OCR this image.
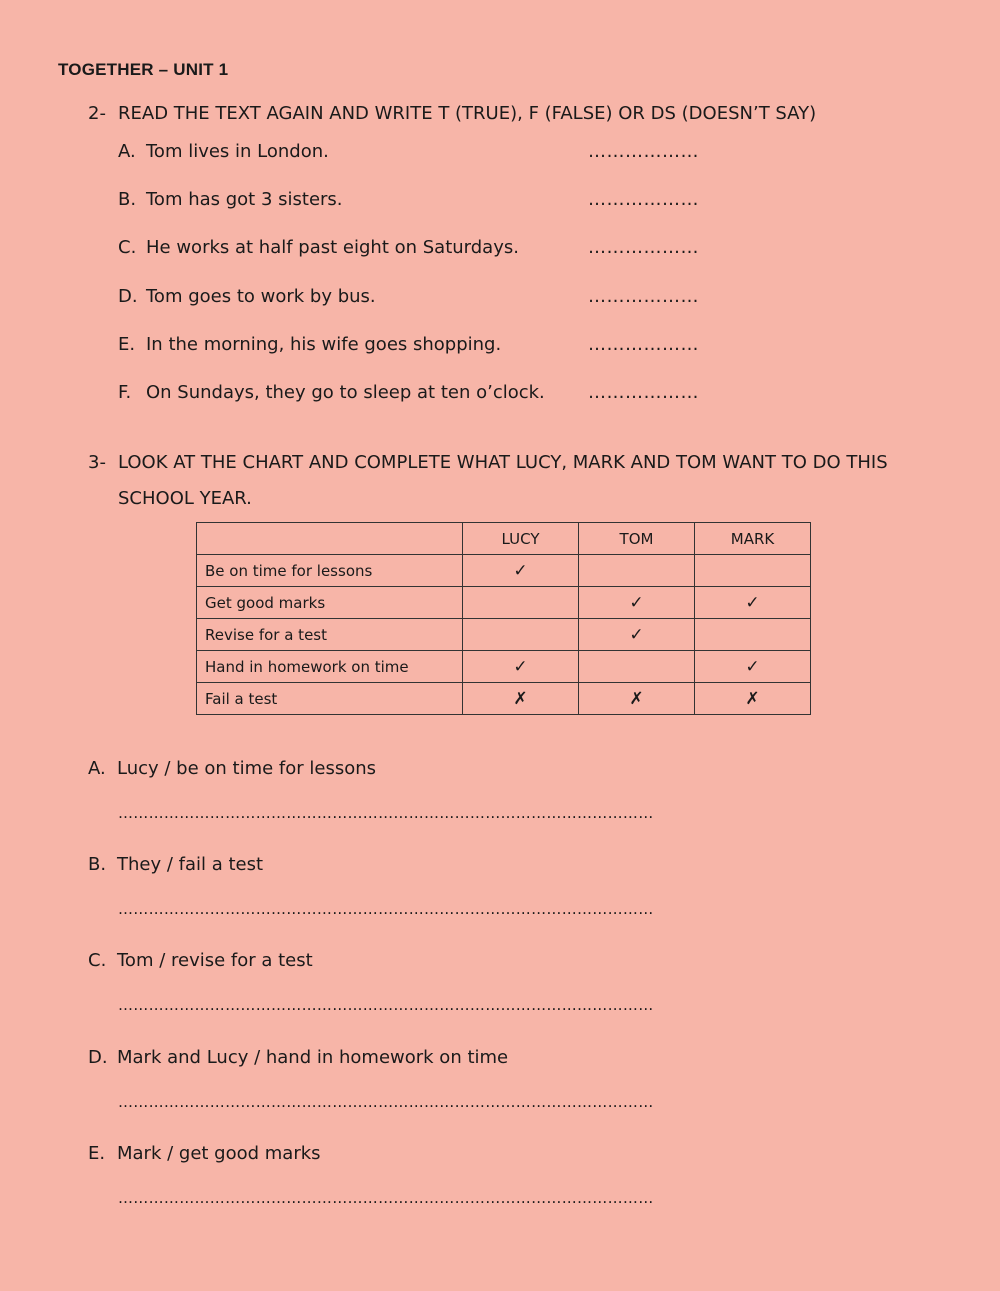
TOGETHER – UNIT 1
2- READ THE TEXT AGAIN AND WRITE T (TRUE), F (FALSE) OR DS (DOESN’T SAY)
A. Tom lives in London.	………………
B. Tom has got 3 sisters.	………………
C. He works at half past eight on Saturdays.	………………
D. Tom goes to work by bus.	………………
E. In the morning, his wife goes shopping.	………………
F. On Sundays, they go to sleep at ten o’clock. ………………
3- LOOK AT THE CHART AND COMPLETE WHAT LUCY, MARK AND TOM WANT TO DO THIS
SCHOOL YEAR.
	LUCY	TOM	MARK
Be on time for lessons	✓		
Get good marks		✓	✓
Revise for a test		✓	
Hand in homework on time	✓		✓
Fail a test	✗	✗	✗
A. Lucy / be on time for lessons
……………………………………………………………………………………………
B. They / fail a test
……………………………………………………………………………………………
C. Tom / revise for a test
……………………………………………………………………………………………
D. Mark and Lucy / hand in homework on time
……………………………………………………………………………………………
E. Mark / get good marks
……………………………………………………………………………………………
